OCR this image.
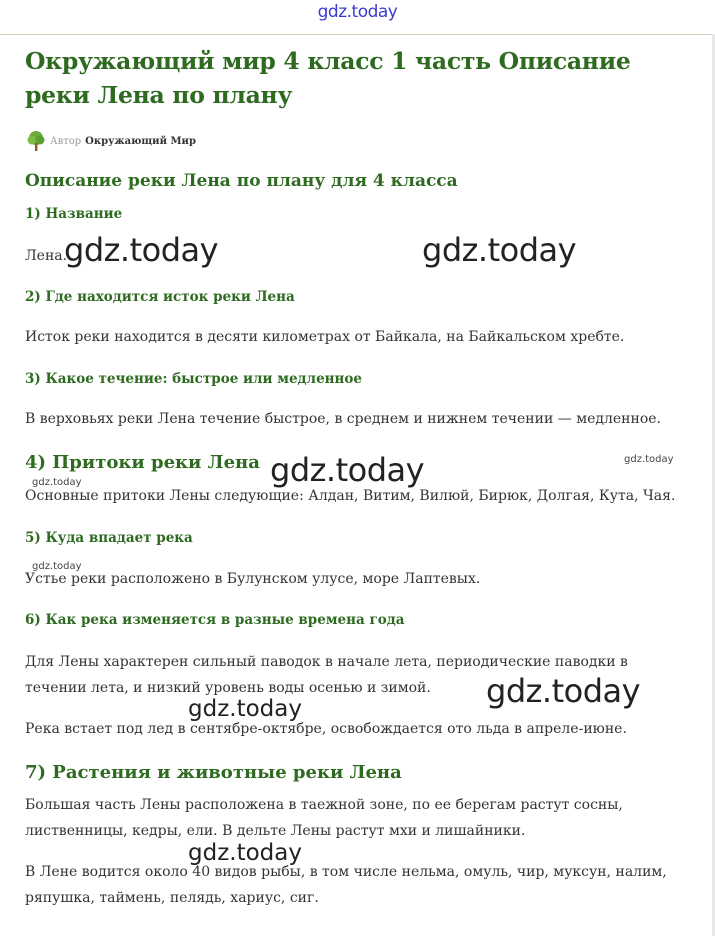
gdz.today
Окружающий мир 4 класс 1 часть Описание реки Лена по плану
Автор Окружающий Мир
Описание реки Лена по плану для 4 класса
1) Название

Лена.

2) Где находится исток реки Лена

Исток реки находится в десяти километрах от Байкала, на Байкальском хребте.

3) Какое течение: быстрое или медленное

В верховьях реки Лена течение быстрое, в среднем и нижнем течении — медленное.

4) Притоки реки Лена

Основные притоки Лены следующие: Алдан, Витим, Вилюй, Бирюк, Долгая, Кута, Чая.

5) Куда впадает река

Устье реки расположено в Булунском улусе, море Лаптевых.

6) Как река изменяется в разные времена года

Для Лены характерен сильный паводок в начале лета, периодические паводки в течении лета, и низкий уровень воды осенью и зимой.

Река встает под лед в сентябре-октябре, освобождается ото льда в апреле-июне.

7) Растения и животные реки Лена

Большая часть Лены расположена в таежной зоне, по ее берегам растут сосны, лиственницы, кедры, ели. В дельте Лены растут мхи и лишайники.

В Лене водится около 40 видов рыбы, в том числе нельма, омуль, чир, муксун, налим, ряпушка, таймень, пелядь, хариус, сиг.

gdz.today	gdz.today
gdz.today	gdz.today
gdz.today
gdz.today
gdz.today
gdz.today
gdz.today
